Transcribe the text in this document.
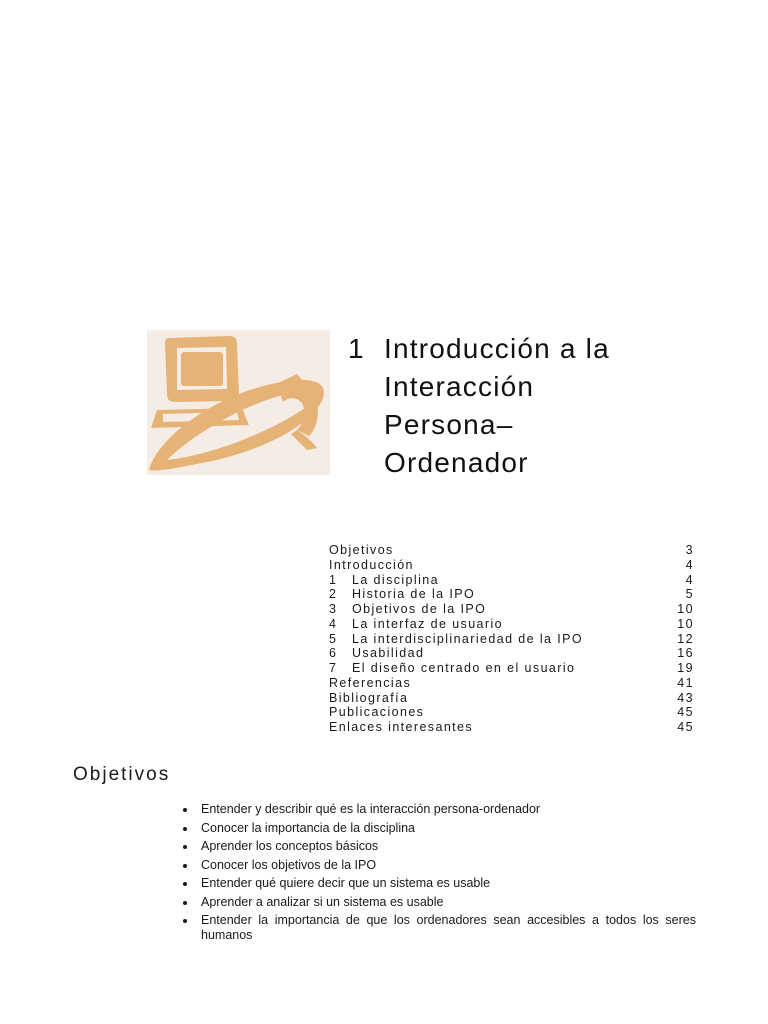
1 Introducción a la
Interacción
Persona–
Ordenador
Objetivos	3
Introducción	4
1   La disciplina	4
2   Historia de la IPO	5
3   Objetivos de la IPO	10
4   La interfaz de usuario	10
5   La interdisciplinariedad de la IPO	12
6   Usabilidad	16
7   El diseño centrado en el usuario	19
Referencias	41
Bibliografía	43
Publicaciones	45
Enlaces interesantes	45
Objetivos
Entender y describir qué es la interacción persona-ordenador
Conocer la importancia de la disciplina
Aprender los conceptos básicos
Conocer los objetivos de la IPO
Entender qué quiere decir que un sistema es usable
Aprender a analizar si un sistema es usable
Entender la importancia de que los ordenadores sean accesibles a todos los seres humanos
